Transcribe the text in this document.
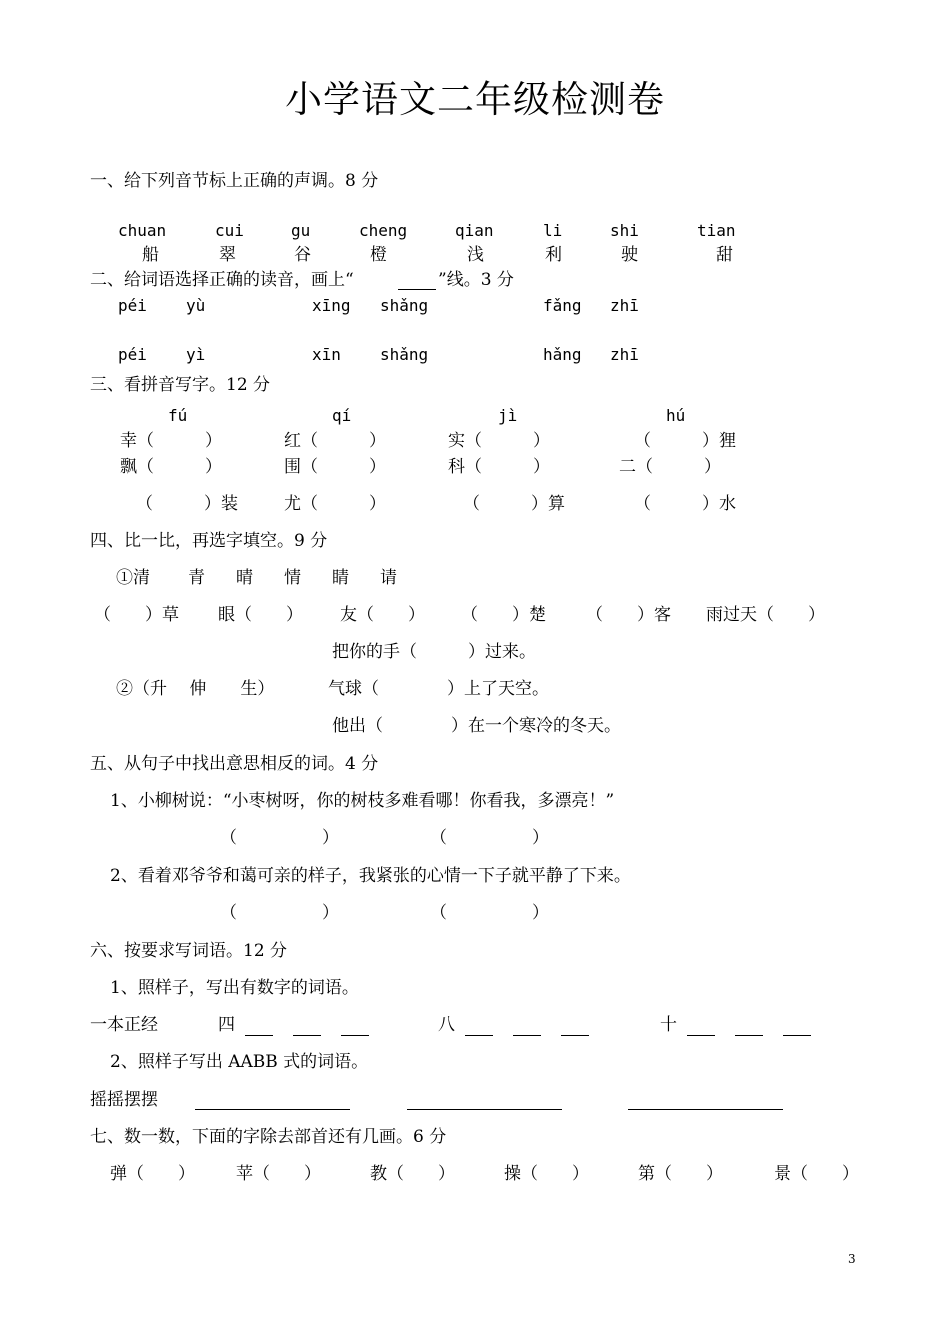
小学语文二年级检测卷
一、给下列音节标上正确的声调。8 分
chuan	cui	gu	cheng	qian	li	shi	tian
船	翠	谷	橙	浅	利	驶	甜
二、给词语选择正确的读音，画上“	”线。3 分
péi yù	xīng shǎng	fǎng zhī
péi yì	xīn shǎng	hǎng zhī
三、看拼音写字。12 分
fú	qí	jì	hú
幸（　　　）	红（　　　）	实（　　　）	（　　　）狸
飘（　　　）	围（　　　）	科（　　　）	二（　　　）
（　　　）装	尤（　　　）	（　　　）算	（　　　）水
四、比一比，再选字填空。9 分
①清 青 晴 情 睛 请
（　　）草 眼（　　） 友（　　） （　　）楚 （　　）客 雨过天（　　）
把你的手（　　　）过来。
②（升　 伸　　生）	气球（　　　　）上了天空。
他出（　　　　）在一个寒冷的冬天。
五、从句子中找出意思相反的词。4 分
1、小柳树说：“小枣树呀，你的树枝多难看哪！你看我，多漂亮！”
（　　　　　）	（　　　　　）
2、看着邓爷爷和蔼可亲的样子，我紧张的心情一下子就平静了下来。
（　　　　　）	（　　　　　）
六、按要求写词语。12 分
1、照样子，写出有数字的词语。
一本正经	四	八	十
2、照样子写出 AABB 式的词语。
摇摇摆摆
七、数一数，下面的字除去部首还有几画。6 分
弹（　　） 苹（　　）	教（　　）	操（　　）	第（　　）	景（　　）
3
